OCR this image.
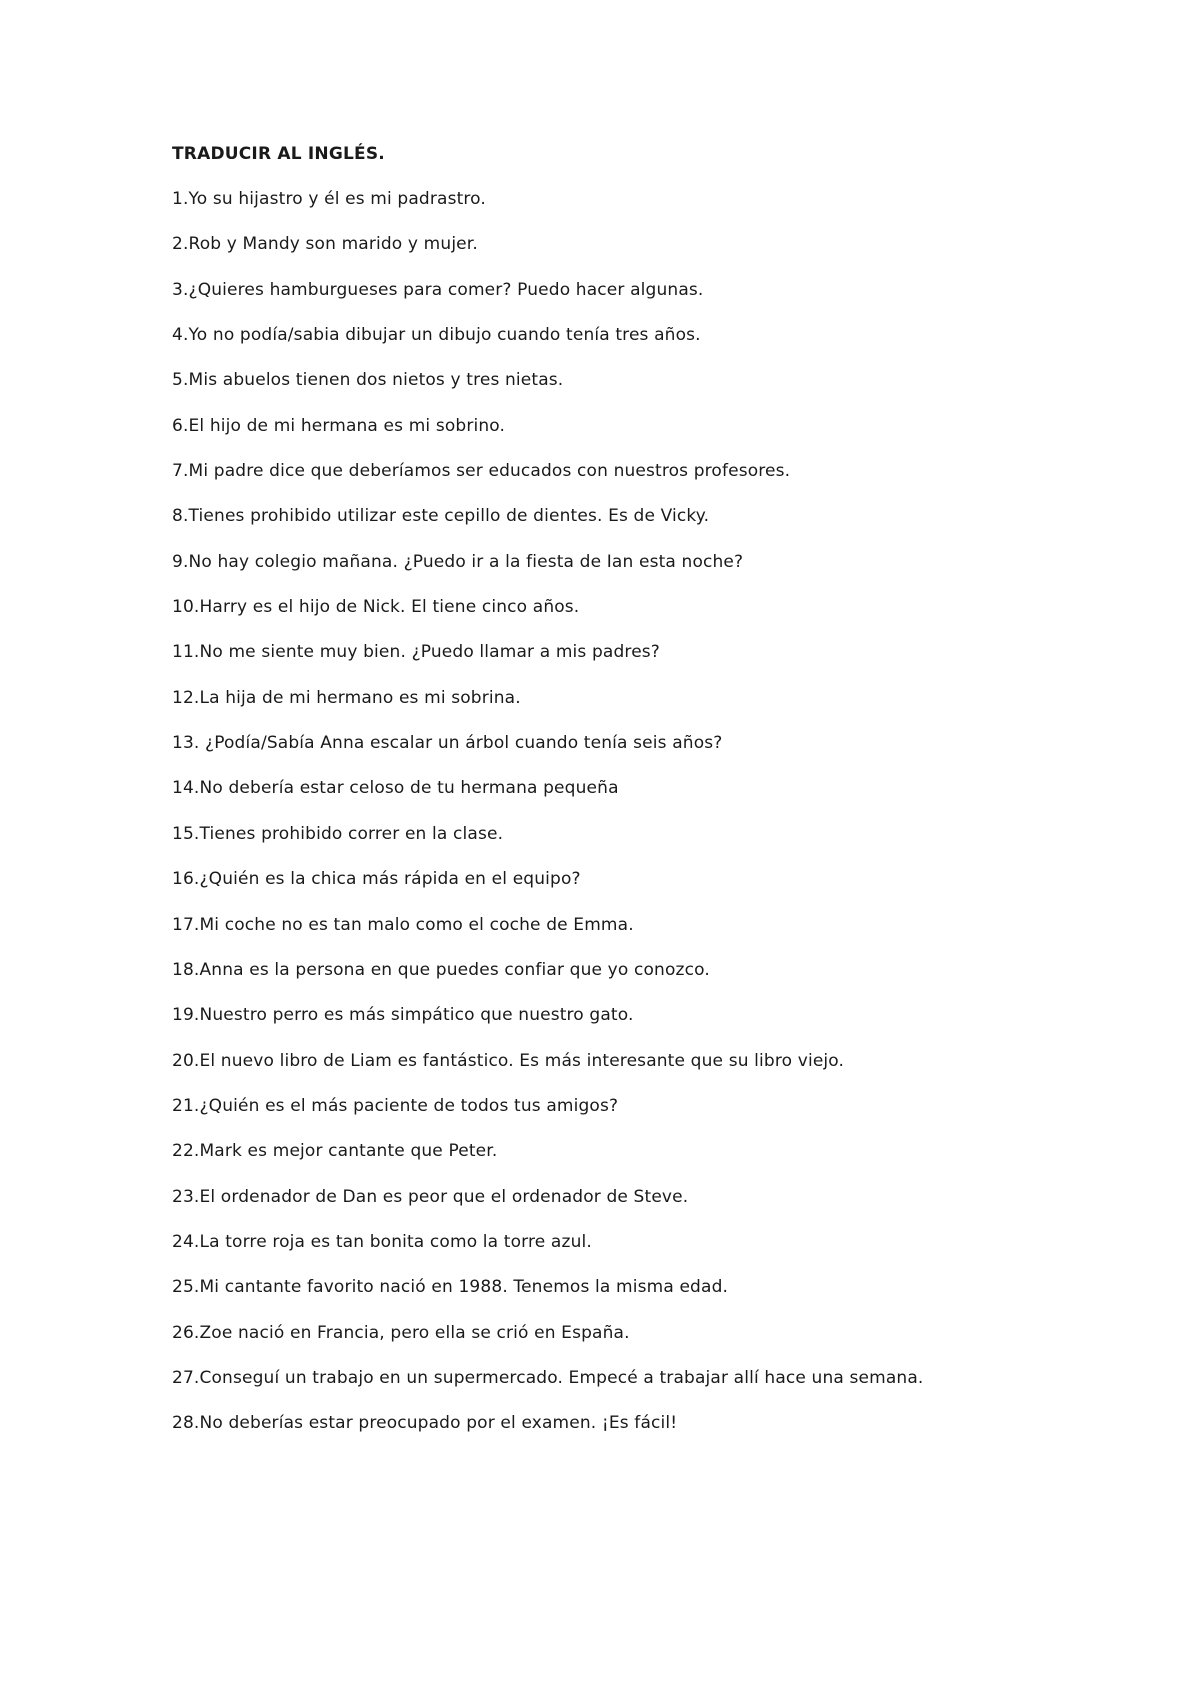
TRADUCIR AL INGLÉS.
1.Yo su hijastro y él es mi padrastro.
2.Rob y Mandy son marido y mujer.
3.¿Quieres hamburgueses para comer? Puedo hacer algunas.
4.Yo no podía/sabia dibujar un dibujo cuando tenía tres años.
5.Mis abuelos tienen dos nietos y tres nietas.
6.El hijo de mi hermana es mi sobrino.
7.Mi padre dice que deberíamos ser educados con nuestros profesores.
8.Tienes prohibido utilizar este cepillo de dientes. Es de Vicky.
9.No hay colegio mañana. ¿Puedo ir a la fiesta de Ian esta noche?
10.Harry es el hijo de Nick. El tiene cinco años.
11.No me siente muy bien. ¿Puedo llamar a mis padres?
12.La hija de mi hermano es mi sobrina.
13. ¿Podía/Sabía Anna escalar un árbol cuando tenía seis años?
14.No debería estar celoso de tu hermana pequeña
15.Tienes prohibido correr en la clase.
16.¿Quién es la chica más rápida en el equipo?
17.Mi coche no es tan malo como el coche de Emma.
18.Anna es la persona en que puedes confiar que yo conozco.
19.Nuestro perro es más simpático que nuestro gato.
20.El nuevo libro de Liam es fantástico. Es más interesante que su libro viejo.
21.¿Quién es el más paciente de todos tus amigos?
22.Mark es mejor cantante que Peter.
23.El ordenador de Dan es peor que el ordenador de Steve.
24.La torre roja es tan bonita como la torre azul.
25.Mi cantante favorito nació en 1988. Tenemos la misma edad.
26.Zoe nació en Francia, pero ella se crió en España.
27.Conseguí un trabajo en un supermercado. Empecé a trabajar allí hace una semana.
28.No deberías estar preocupado por el examen. ¡Es fácil!
